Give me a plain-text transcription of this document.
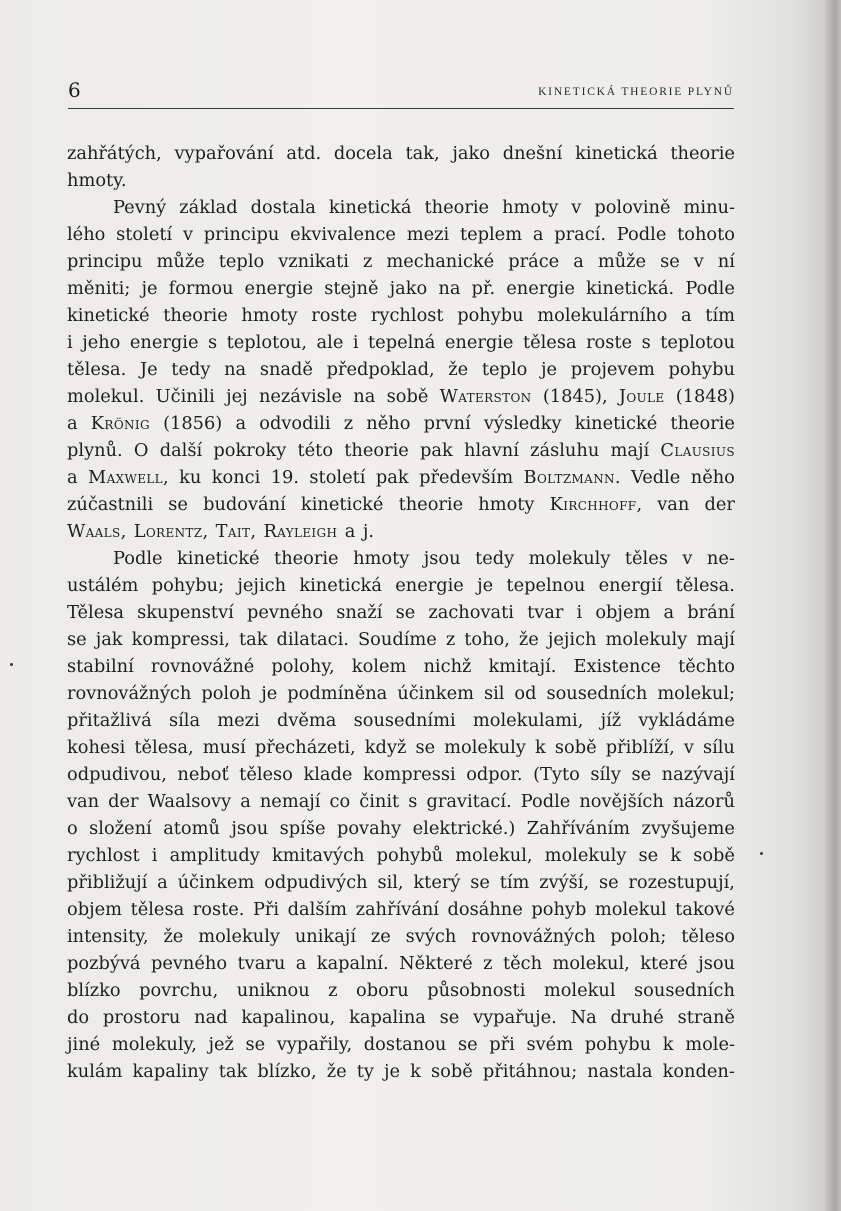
6	KINETICKÁ THEORIE PLYNŮ
zahřátých, vypařování atd. docela tak, jako dnešní kinetická theorie
hmoty.
Pevný základ dostala kinetická theorie hmoty v polovině minu-
lého století v principu ekvivalence mezi teplem a prací. Podle tohoto
principu může teplo vznikati z mechanické práce a může se v ní
měniti; je formou energie stejně jako na př. energie kinetická. Podle
kinetické theorie hmoty roste rychlost pohybu molekulárního a tím
i jeho energie s teplotou, ale i tepelná energie tělesa roste s teplotou
tělesa. Je tedy na snadě předpoklad, že teplo je projevem pohybu
molekul. Učinili jej nezávisle na sobě Waterston (1845), Joule (1848)
a Krönig (1856) a odvodili z něho první výsledky kinetické theorie
plynů. O další pokroky této theorie pak hlavní zásluhu mají Clausius
a Maxwell, ku konci 19. století pak především Boltzmann. Vedle něho
zúčastnili se budování kinetické theorie hmoty Kirchhoff, van der
Waals, Lorentz, Tait, Rayleigh a j.
Podle kinetické theorie hmoty jsou tedy molekuly těles v ne-
ustálém pohybu; jejich kinetická energie je tepelnou energií tělesa.
Tělesa skupenství pevného snaží se zachovati tvar i objem a brání
se jak kompressi, tak dilataci. Soudíme z toho, že jejich molekuly mají
stabilní rovnovážné polohy, kolem nichž kmitají. Existence těchto
rovnovážných poloh je podmíněna účinkem sil od sousedních molekul;
přitažlivá síla mezi dvěma sousedními molekulami, jíž vykládáme
kohesi tělesa, musí přecházeti, když se molekuly k sobě přiblíží, v sílu
odpudivou, neboť těleso klade kompressi odpor. (Tyto síly se nazývají
van der Waalsovy a nemají co činit s gravitací. Podle novějších názorů
o složení atomů jsou spíše povahy elektrické.) Zahříváním zvyšujeme
rychlost i amplitudy kmitavých pohybů molekul, molekuly se k sobě
přibližují a účinkem odpudivých sil, který se tím zvýší, se rozestupují,
objem tělesa roste. Při dalším zahřívání dosáhne pohyb molekul takové
intensity, že molekuly unikají ze svých rovnovážných poloh; těleso
pozbývá pevného tvaru a kapalní. Některé z těch molekul, které jsou
blízko povrchu, uniknou z oboru působnosti molekul sousedních
do prostoru nad kapalinou, kapalina se vypařuje. Na druhé straně
jiné molekuly, jež se vypařily, dostanou se při svém pohybu k mole-
kulám kapaliny tak blízko, že ty je k sobě přitáhnou; nastala konden-
